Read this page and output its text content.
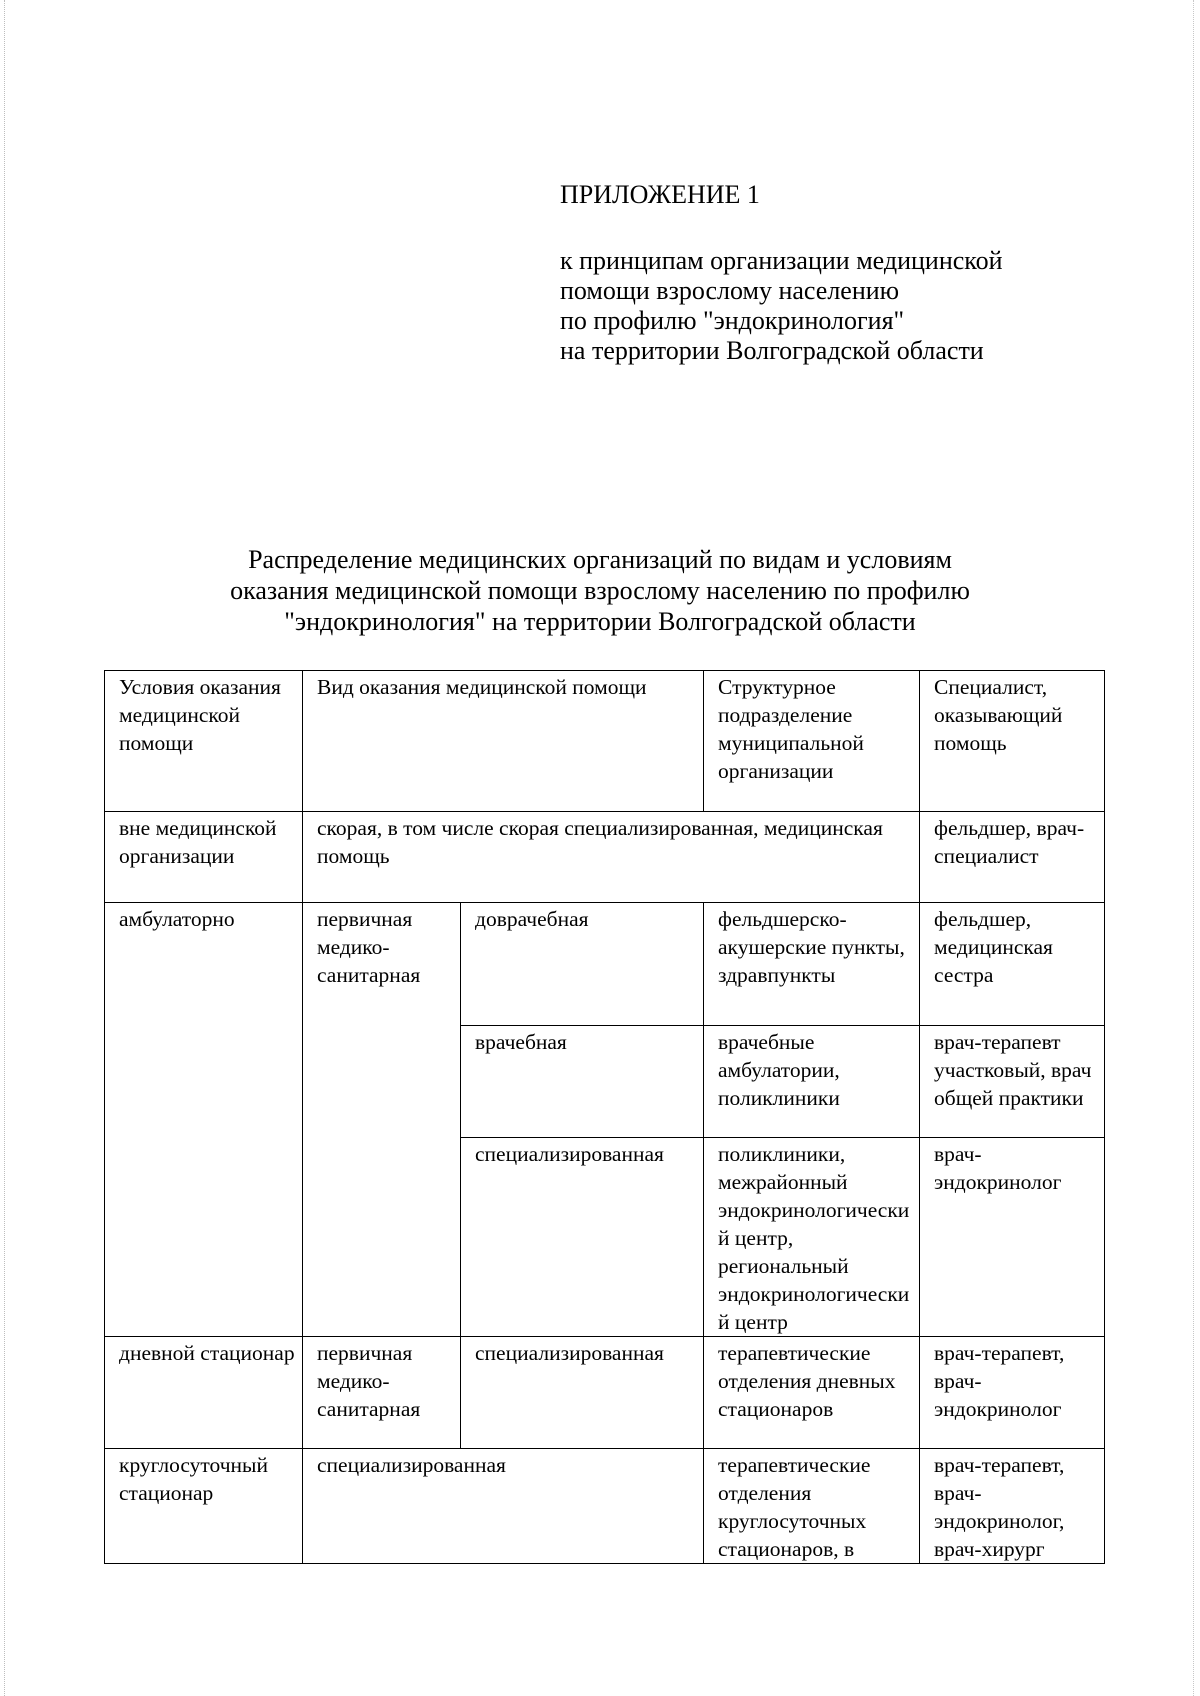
ПРИЛОЖЕНИЕ 1
к принципам организации медицинской
помощи взрослому населению
по профилю "эндокринология"
на территории Волгоградской области
Распределение медицинских организаций по видам и условиям
оказания медицинской помощи взрослому населению по профилю
"эндокринология" на территории Волгоградской области
Условия оказания медицинской помощи	Вид оказания медицинской помощи		Структурное подразделение муниципальной организации	Специалист, оказывающий помощь
вне медицинской организации	скорая, в том числе скорая специализированная, медицинская помощь			фельдшер, врач-специалист
амбулаторно	первичная медико-санитарная	доврачебная	фельдшерско-акушерские пункты, здравпункты	фельдшер, медицинская сестра
		врачебная	врачебные амбулатории, поликлиники	врач-терапевт участковый, врач общей практики
		специализированная	поликлиники, межрайонный эндокринологический центр, региональный эндокринологический центр	врач-эндокринолог
дневной стационар	первичная медико-санитарная	специализированная	терапевтические отделения дневных стационаров	врач-терапевт, врач-эндокринолог
круглосуточный стационар	специализированная		терапевтические отделения круглосуточных стационаров, в	врач-терапевт, врач-эндокринолог, врач-хирург
